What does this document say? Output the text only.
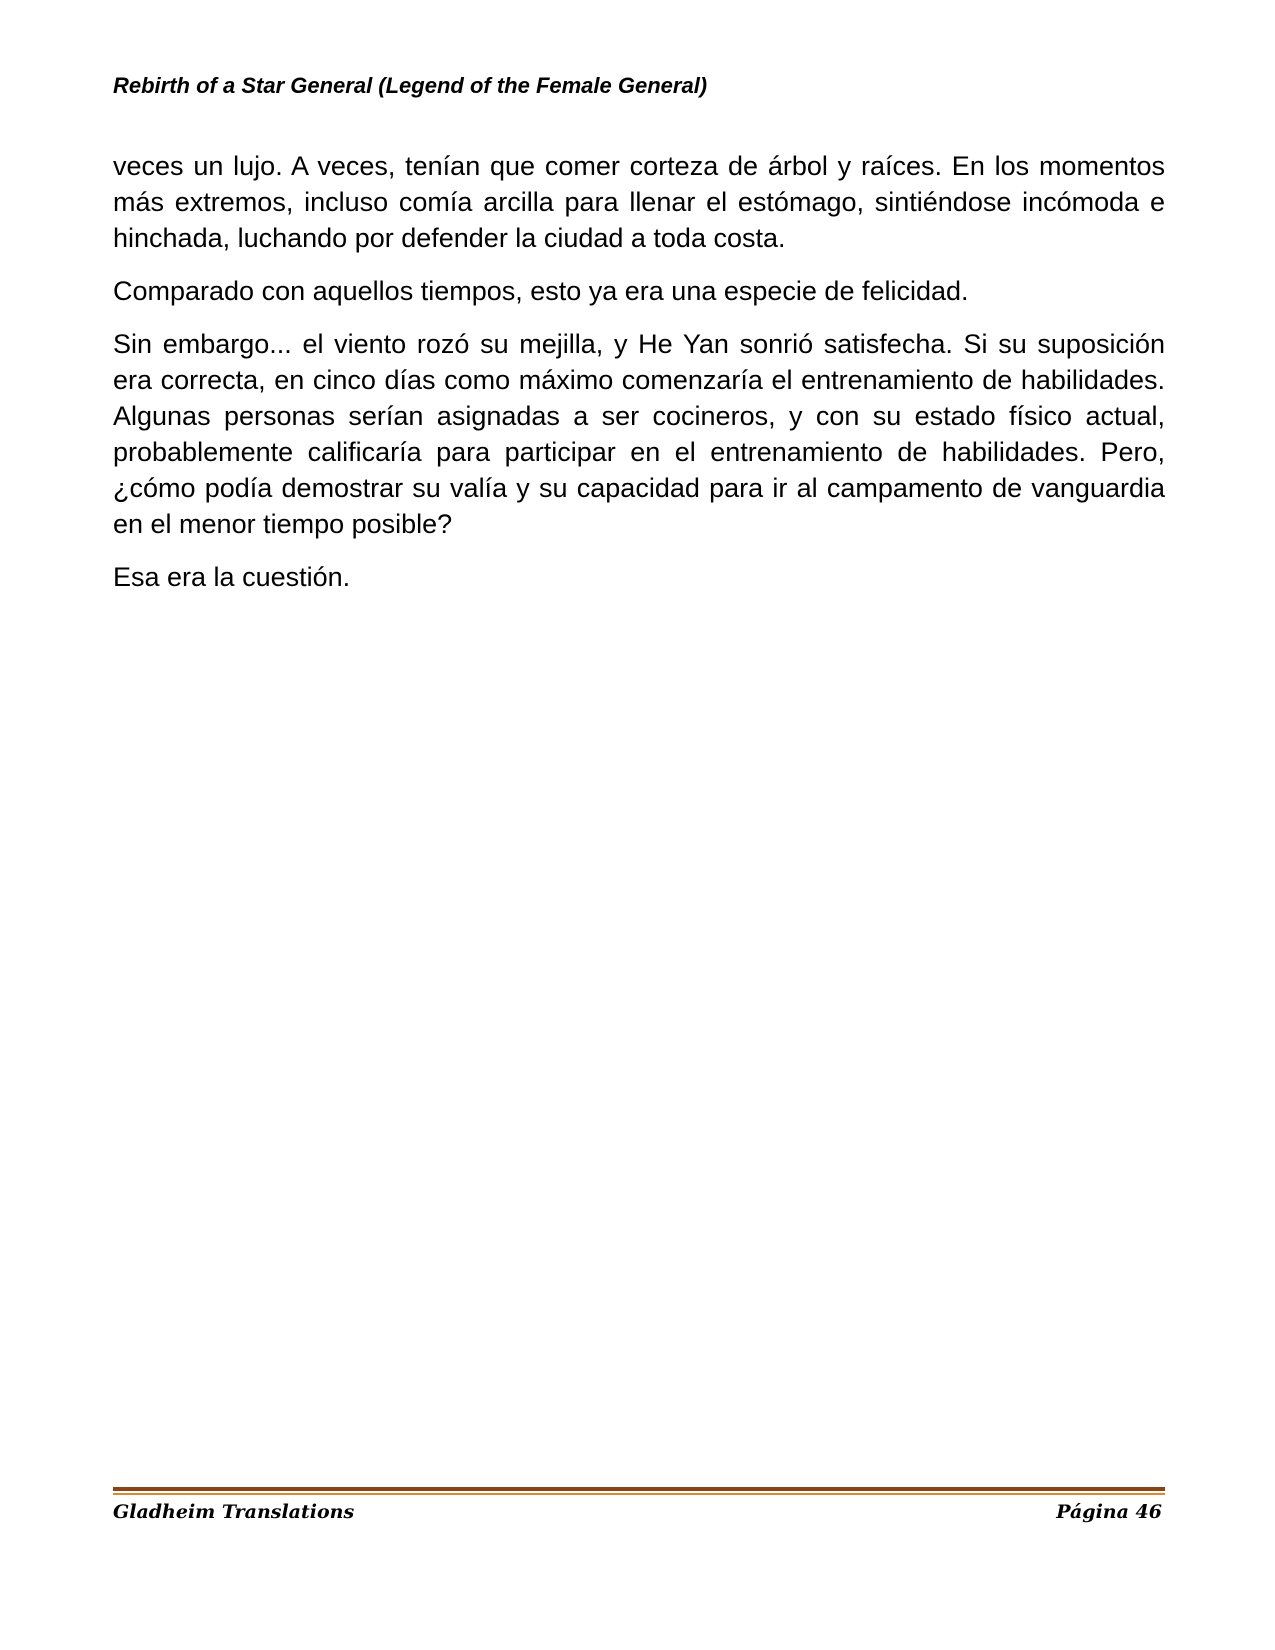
Rebirth of a Star General (Legend of the Female General)

veces un lujo. A veces, tenían que comer corteza de árbol y raíces. En los momentos más extremos, incluso comía arcilla para llenar el estómago, sintiéndose incómoda e hinchada, luchando por defender la ciudad a toda costa.

Comparado con aquellos tiempos, esto ya era una especie de felicidad.

Sin embargo... el viento rozó su mejilla, y He Yan sonrió satisfecha. Si su suposición era correcta, en cinco días como máximo comenzaría el entrenamiento de habilidades. Algunas personas serían asignadas a ser cocineros, y con su estado físico actual, probablemente calificaría para participar en el entrenamiento de habilidades. Pero, ¿cómo podía demostrar su valía y su capacidad para ir al campamento de vanguardia en el menor tiempo posible?

Esa era la cuestión.

Gladheim Translations	Página 46
